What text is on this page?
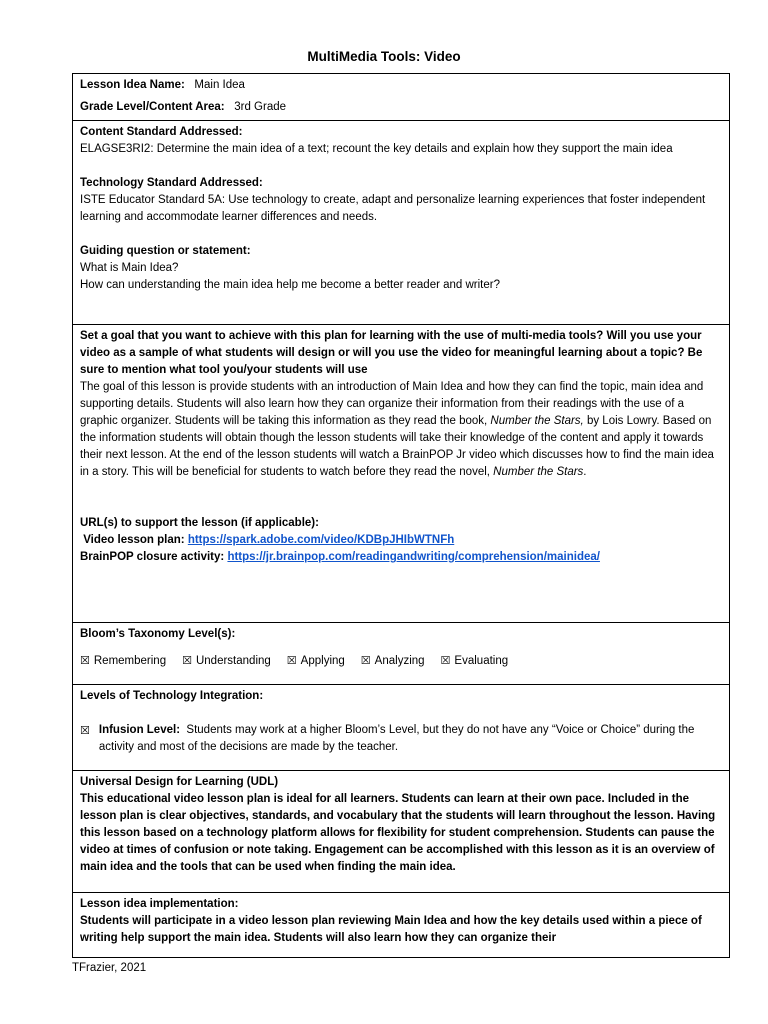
MultiMedia Tools: Video
Lesson Idea Name: Main Idea
Grade Level/Content Area: 3rd Grade
Content Standard Addressed:
ELAGSE3RI2: Determine the main idea of a text; recount the key details and explain how they support the main idea
Technology Standard Addressed:
ISTE Educator Standard 5A: Use technology to create, adapt and personalize learning experiences that foster independent learning and accommodate learner differences and needs.
Guiding question or statement:
What is Main Idea?
How can understanding the main idea help me become a better reader and writer?
Set a goal that you want to achieve with this plan for learning with the use of multi-media tools? Will you use your video as a sample of what students will design or will you use the video for meaningful learning about a topic? Be sure to mention what tool you/your students will use
The goal of this lesson is provide students with an introduction of Main Idea and how they can find the topic, main idea and supporting details. Students will also learn how they can organize their information from their readings with the use of a graphic organizer. Students will be taking this information as they read the book, Number the Stars, by Lois Lowry. Based on the information students will obtain though the lesson students will take their knowledge of the content and apply it towards their next lesson. At the end of the lesson students will watch a BrainPOP Jr video which discusses how to find the main idea in a story. This will be beneficial for students to watch before they read the novel, Number the Stars.
URL(s) to support the lesson (if applicable):
Video lesson plan: https://spark.adobe.com/video/KDBpJHIbWTNFh
BrainPOP closure activity: https://jr.brainpop.com/readingandwriting/comprehension/mainidea/
Bloom’s Taxonomy Level(s):
☒ Remembering ☒ Understanding ☒ Applying ☒ Analyzing ☒ Evaluating
Levels of Technology Integration:
☒ Infusion Level: Students may work at a higher Bloom’s Level, but they do not have any “Voice or Choice” during the activity and most of the decisions are made by the teacher.
Universal Design for Learning (UDL)
This educational video lesson plan is ideal for all learners. Students can learn at their own pace. Included in the lesson plan is clear objectives, standards, and vocabulary that the students will learn throughout the lesson. Having this lesson based on a technology platform allows for flexibility for student comprehension. Students can pause the video at times of confusion or note taking. Engagement can be accomplished with this lesson as it is an overview of main idea and the tools that can be used when finding the main idea.
Lesson idea implementation:
Students will participate in a video lesson plan reviewing Main Idea and how the key details used within a piece of writing help support the main idea. Students will also learn how they can organize their
TFrazier, 2021
